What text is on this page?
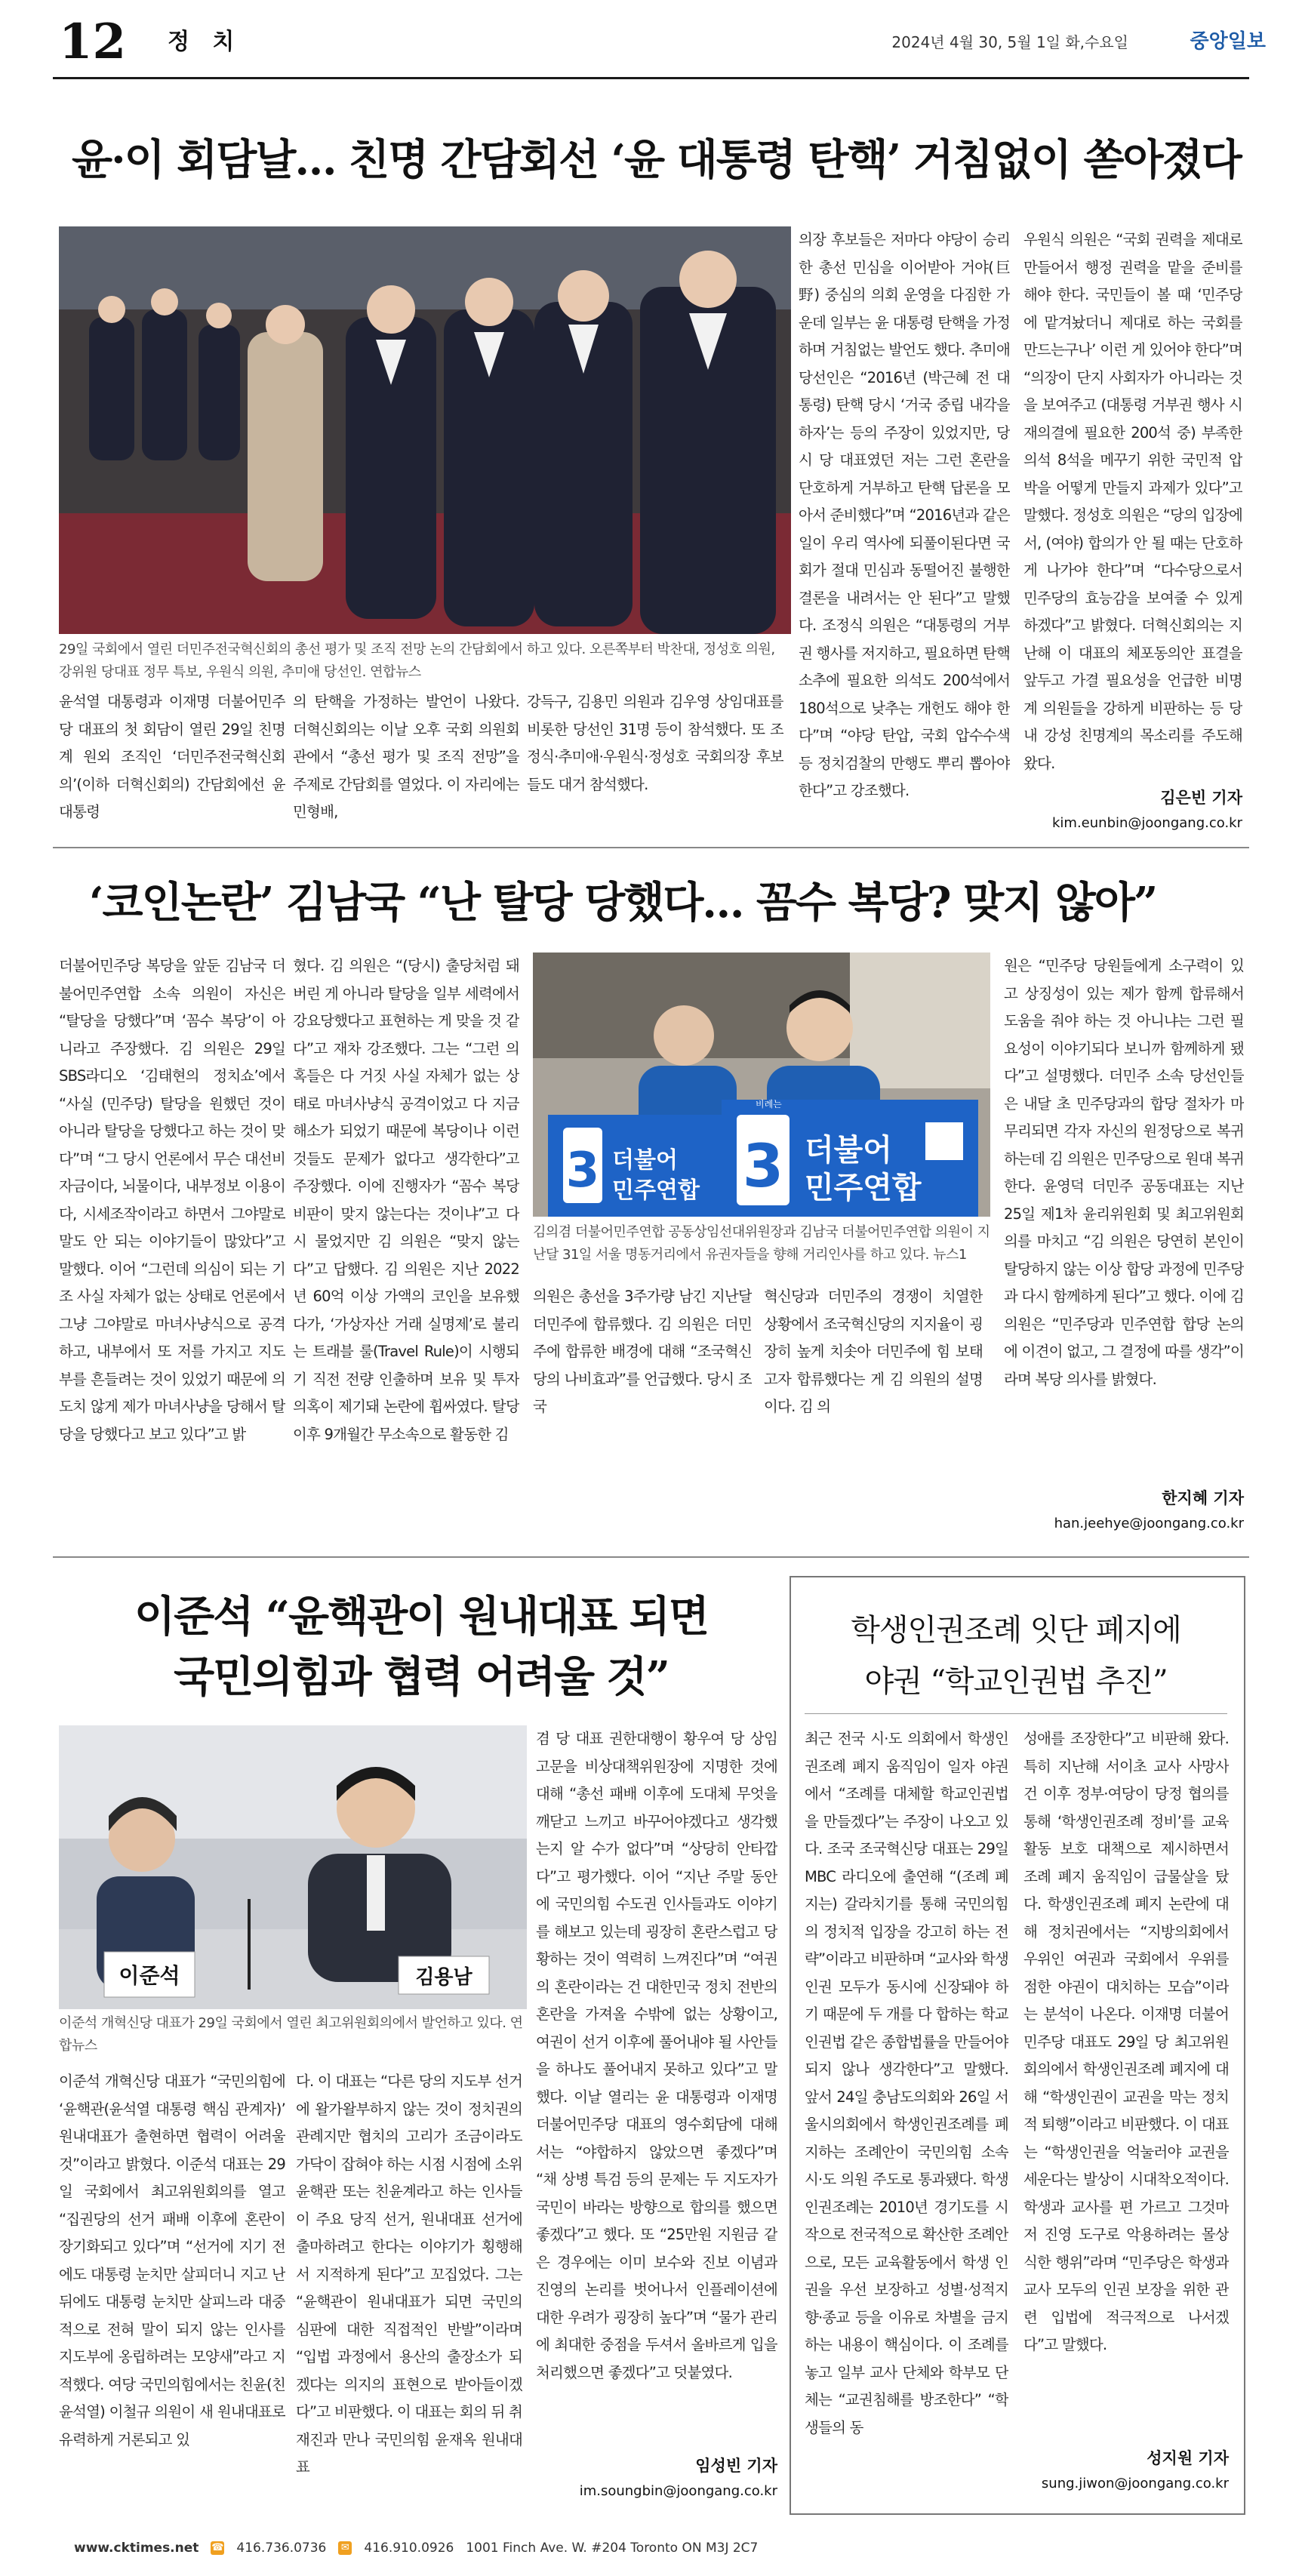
12 정 치	2024년 4월 30, 5월 1일 화,수요일	중앙일보
윤·이 회담날… 친명 간담회선 ‘윤 대통령 탄핵’ 거침없이 쏟아졌다
29일 국회에서 열린 더민주전국혁신회의 총선 평가 및 조직 전망 논의 간담회에서 하고 있다. 오른쪽부터 박찬대, 정성호 의원, 강위원 당대표 정무 특보, 우원식 의원, 추미애 당선인. 연합뉴스
윤석열 대통령과 이재명 더불어민주당 대표의 첫 회담이 열린 29일 친명계 원외 조직인 ‘더민주전국혁신회의’(이하 더혁신회의) 간담회에선 윤 대통령
의 탄핵을 가정하는 발언이 나왔다. 더혁신회의는 이날 오후 국회 의원회관에서 “총선 평가 및 조직 전망”을 주제로 간담회를 열었다. 이 자리에는 민형배,
강득구, 김용민 의원과 김우영 상임대표를 비롯한 당선인 31명 등이 참석했다. 또 조정식·추미애·우원식·정성호 국회의장 후보들도 대거 참석했다.
의장 후보들은 저마다 야당이 승리한 총선 민심을 이어받아 거야(巨野) 중심의 의회 운영을 다짐한 가운데 일부는 윤 대통령 탄핵을 가정하며 거침없는 발언도 했다. 추미애 당선인은 “2016년 (박근혜 전 대통령) 탄핵 당시 ‘거국 중립 내각을 하자’는 등의 주장이 있었지만, 당시 당 대표였던 저는 그런 혼란을 단호하게 거부하고 탄핵 답론을 모아서 준비했다”며 “2016년과 같은 일이 우리 역사에 되풀이된다면 국회가 절대 민심과 동떨어진 불행한 결론을 내려서는 안 된다”고 말했다. 조정식 의원은 “대통령의 거부권 행사를 저지하고, 필요하면 탄핵소추에 필요한 의석도 200석에서 180석으로 낮추는 개헌도 해야 한다”며 “야당 탄압, 국회 압수수색 등 정치검찰의 만행도 뿌리 뽑아야 한다”고 강조했다.
우원식 의원은 “국회 권력을 제대로 만들어서 행정 권력을 맡을 준비를 해야 한다. 국민들이 볼 때 ‘민주당에 맡겨놨더니 제대로 하는 국회를 만드는구나’ 이런 게 있어야 한다”며 “의장이 단지 사회자가 아니라는 것을 보여주고 (대통령 거부권 행사 시 재의결에 필요한 200석 중) 부족한 의석 8석을 메꾸기 위한 국민적 압박을 어떻게 만들지 과제가 있다”고 말했다. 정성호 의원은 “당의 입장에서, (여야) 합의가 안 될 때는 단호하게 나가야 한다”며 “다수당으로서 민주당의 효능감을 보여줄 수 있게 하겠다”고 밝혔다. 더혁신회의는 지난해 이 대표의 체포동의안 표결을 앞두고 가결 필요성을 언급한 비명계 의원들을 강하게 비판하는 등 당내 강성 친명계의 목소리를 주도해 왔다.
김은빈 기자
kim.eunbin@joongang.co.kr
‘코인논란’ 김남국 “난 탈당 당했다… 꼼수 복당? 맞지 않아”
더불어민주당 복당을 앞둔 김남국 더불어민주연합 소속 의원이 자신은 “탈당을 당했다”며 ‘꼼수 복당’이 아니라고 주장했다. 김 의원은 29일 SBS라디오 ‘김태현의 정치쇼’에서 “사실 (민주당) 탈당을 원했던 것이 아니라 탈당을 당했다고 하는 것이 맞다”며 “그 당시 언론에서 무슨 대선비자금이다, 뇌물이다, 내부정보 이용이다, 시세조작이라고 하면서 그야말로 말도 안 되는 이야기들이 많았다”고 말했다. 이어 “그런데 의심이 되는 기조 사실 자체가 없는 상태로 언론에서 그냥 그야말로 마녀사냥식으로 공격하고, 내부에서 또 저를 가지고 지도부를 흔들려는 것이 있었기 때문에 의도치 않게 제가 마녀사냥을 당해서 탈당을 당했다고 보고 있다”고 밝
혔다. 김 의원은 “(당시) 출당처럼 돼버린 게 아니라 탈당을 일부 세력에서 강요당했다고 표현하는 게 맞을 것 같다”고 재차 강조했다. 그는 “그런 의혹들은 다 거짓 사실 자체가 없는 상태로 마녀사냥식 공격이었고 다 지금 해소가 되었기 때문에 복당이나 이런 것들도 문제가 없다고 생각한다”고 주장했다. 이에 진행자가 “꼼수 복당 비판이 맞지 않는다는 것이냐”고 다시 물었지만 김 의원은 “맞지 않는다”고 답했다. 김 의원은 지난 2022년 60억 이상 가액의 코인을 보유했다가, ‘가상자산 거래 실명제’로 불리는 트래블 룰(Travel Rule)이 시행되기 직전 전량 인출하며 보유 및 투자 의혹이 제기돼 논란에 휩싸였다. 탈당 이후 9개월간 무소속으로 활동한 김
비례는
3
3	더불어
민주연합
더불어
민주연합
김의겸 더불어민주연합 공동상임선대위원장과 김남국 더불어민주연합 의원이 지난달 31일 서울 명동거리에서 유권자들을 향해 거리인사를 하고 있다. 뉴스1
의원은 총선을 3주가량 남긴 지난달 더민주에 합류했다. 김 의원은 더민주에 합류한 배경에 대해 “조국혁신당의 나비효과”를 언급했다. 당시 조국
혁신당과 더민주의 경쟁이 치열한 상황에서 조국혁신당의 지지율이 굉장히 높게 치솟아 더민주에 힘 보태고자 합류했다는 게 김 의원의 설명이다. 김 의
원은 “민주당 당원들에게 소구력이 있고 상징성이 있는 제가 함께 합류해서 도움을 줘야 하는 것 아니냐는 그런 필요성이 이야기되다 보니까 함께하게 됐다”고 설명했다. 더민주 소속 당선인들은 내달 초 민주당과의 합당 절차가 마무리되면 각자 자신의 원정당으로 복귀하는데 김 의원은 민주당으로 원대 복귀한다. 윤영덕 더민주 공동대표는 지난 25일 제1차 윤리위원회 및 최고위원회의를 마치고 “김 의원은 당연히 본인이 탈당하지 않는 이상 합당 과정에 민주당과 다시 함께하게 된다”고 했다. 이에 김 의원은 “민주당과 민주연합 합당 논의에 이견이 없고, 그 결정에 따를 생각”이라며 복당 의사를 밝혔다.
한지혜 기자
han.jeehye@joongang.co.kr
이준석 “윤핵관이 원내대표 되면
국민의힘과 협력 어려울 것”
이준석	김용남
이준석 개혁신당 대표가 29일 국회에서 열린 최고위원회의에서 발언하고 있다. 연합뉴스
이준석 개혁신당 대표가 “국민의힘에 ‘윤핵관(윤석열 대통령 핵심 관계자)’ 원내대표가 출현하면 협력이 어려울 것”이라고 밝혔다. 이준석 대표는 29일 국회에서 최고위원회의를 열고 “집권당의 선거 패배 이후에 혼란이 장기화되고 있다”며 “선거에 지기 전에도 대통령 눈치만 살피더니 지고 난 뒤에도 대통령 눈치만 살피느라 대중적으로 전혀 말이 되지 않는 인사를 지도부에 옹립하려는 모양새”라고 지적했다. 여당 국민의힘에서는 친윤(친윤석열) 이철규 의원이 새 원내대표로 유력하게 거론되고 있
다. 이 대표는 “다른 당의 지도부 선거에 왈가왈부하지 않는 것이 정치권의 관례지만 협치의 고리가 조금이라도 가닥이 잡혀야 하는 시점 시점에 소위 윤핵관 또는 친윤계라고 하는 인사들이 주요 당직 선거, 원내대표 선거에 출마하려고 한다는 이야기가 횡행해서 지적하게 된다”고 꼬집었다. 그는 “윤핵관이 원내대표가 되면 국민의 심판에 대한 직접적인 반발”이라며 “입법 과정에서 용산의 출장소가 되겠다는 의지의 표현으로 받아들이겠다”고 비판했다. 이 대표는 회의 뒤 취재진과 만나 국민의힘 윤재옥 원내대표
겸 당 대표 권한대행이 황우여 당 상임고문을 비상대책위원장에 지명한 것에 대해 “총선 패배 이후에 도대체 무엇을 깨닫고 느끼고 바꾸어야겠다고 생각했는지 알 수가 없다”며 “상당히 안타깝다”고 평가했다. 이어 “지난 주말 동안에 국민의힘 수도권 인사들과도 이야기를 해보고 있는데 굉장히 혼란스럽고 당황하는 것이 역력히 느껴진다”며 “여권의 혼란이라는 건 대한민국 정치 전반의 혼란을 가져올 수밖에 없는 상황이고, 여권이 선거 이후에 풀어내야 될 사안들을 하나도 풀어내지 못하고 있다”고 말했다. 이날 열리는 윤 대통령과 이재명 더불어민주당 대표의 영수회담에 대해서는 “야합하지 않았으면 좋겠다”며 “채 상병 특검 등의 문제는 두 지도자가 국민이 바라는 방향으로 합의를 했으면 좋겠다”고 했다. 또 “25만원 지원금 같은 경우에는 이미 보수와 진보 이념과 진영의 논리를 벗어나서 인플레이션에 대한 우려가 굉장히 높다”며 “물가 관리에 최대한 중점을 두셔서 올바르게 입을 처리했으면 좋겠다”고 덧붙였다.
임성빈 기자
im.soungbin@joongang.co.kr
학생인권조례 잇단 폐지에
야권 “학교인권법 추진”
최근 전국 시·도 의회에서 학생인권조례 폐지 움직임이 일자 야권에서 “조례를 대체할 학교인권법을 만들겠다”는 주장이 나오고 있다. 조국 조국혁신당 대표는 29일 MBC 라디오에 출연해 “(조례 폐지는) 갈라치기를 통해 국민의힘의 정치적 입장을 강고히 하는 전략”이라고 비판하며 “교사와 학생 인권 모두가 동시에 신장돼야 하기 때문에 두 개를 다 합하는 학교인권법 같은 종합법률을 만들어야 되지 않나 생각한다”고 말했다. 앞서 24일 충남도의회와 26일 서울시의회에서 학생인권조례를 폐지하는 조례안이 국민의힘 소속 시·도 의원 주도로 통과됐다. 학생인권조례는 2010년 경기도를 시작으로 전국적으로 확산한 조례안으로, 모든 교육활동에서 학생 인권을 우선 보장하고 성별·성적지향·종교 등을 이유로 차별을 금지하는 내용이 핵심이다. 이 조례를 놓고 일부 교사 단체와 학부모 단체는 “교권침해를 방조한다” “학생들의 동
성애를 조장한다”고 비판해 왔다. 특히 지난해 서이초 교사 사망사건 이후 정부·여당이 당정 협의를 통해 ‘학생인권조례 정비’를 교육활동 보호 대책으로 제시하면서 조례 폐지 움직임이 급물살을 탔다. 학생인권조례 폐지 논란에 대해 정치권에서는 “지방의회에서 우위인 여권과 국회에서 우위를 점한 야권이 대치하는 모습”이라는 분석이 나온다. 이재명 더불어민주당 대표도 29일 당 최고위원회의에서 학생인권조례 폐지에 대해 “학생인권이 교권을 막는 정치적 퇴행”이라고 비판했다. 이 대표는 “학생인권을 억눌러야 교권을 세운다는 발상이 시대착오적이다. 학생과 교사를 편 가르고 그것마저 진영 도구로 악용하려는 몰상식한 행위”라며 “민주당은 학생과 교사 모두의 인권 보장을 위한 관련 입법에 적극적으로 나서겠다”고 말했다.
성지원 기자
sung.jiwon@joongang.co.kr
www.cktimes.net ☎ 416.736.0736 ✉ 416.910.0926 1001 Finch Ave. W. #204 Toronto ON M3J 2C7
